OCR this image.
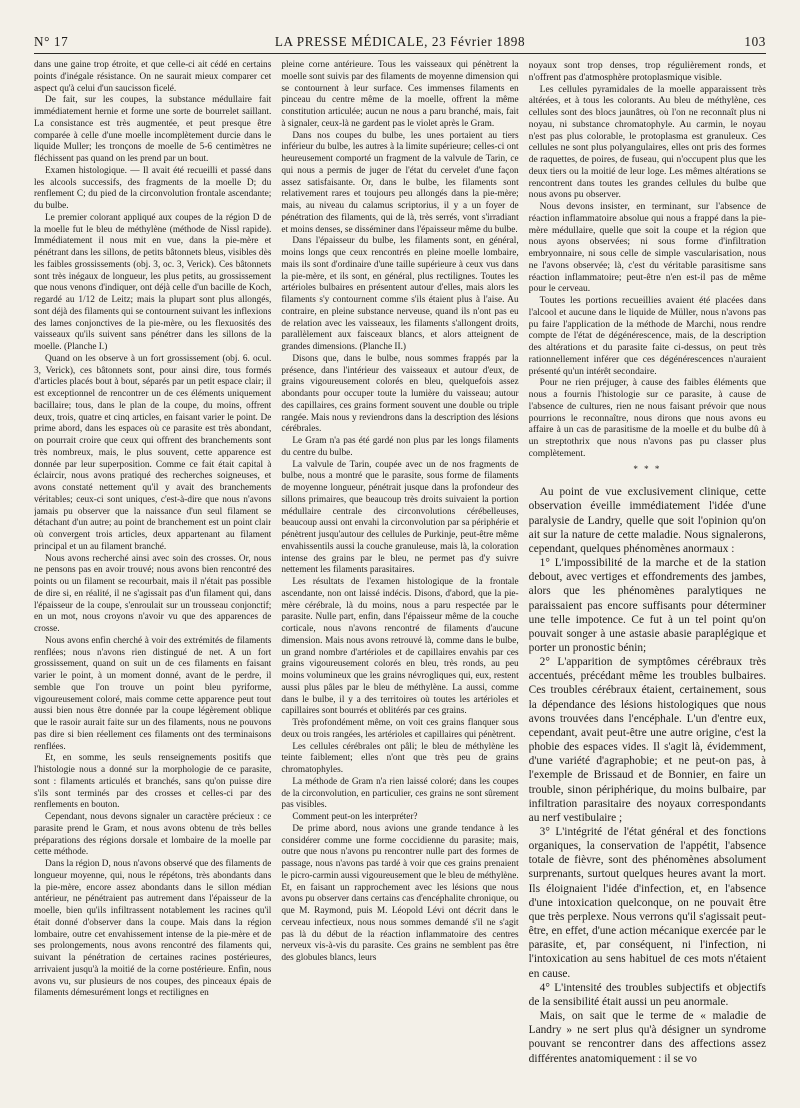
N° 17	LA PRESSE MÉDICALE, 23 Février 1898	103

dans une gaine trop étroite, et que celle-ci ait cédé en certains points d'inégale résistance. On ne saurait mieux comparer cet aspect qu'à celui d'un saucisson ficelé.

De fait, sur les coupes, la substance médullaire fait immédiatement hernie et forme une sorte de bourrelet saillant. La consistance est très augmentée, et peut presque être comparée à celle d'une moelle incomplètement durcie dans le liquide Muller; les tronçons de moelle de 5-6 centimètres ne fléchissent pas quand on les prend par un bout.

Examen histologique. — Il avait été recueilli et passé dans les alcools successifs, des fragments de la moelle D; du renflement C; du pied de la circonvolution frontale ascendante; du bulbe.

Le premier colorant appliqué aux coupes de la région D de la moelle fut le bleu de méthylène (méthode de Nissl rapide). Immédiatement il nous mit en vue, dans la pie-mère et pénétrant dans les sillons, de petits bâtonnets bleus, visibles dès les faibles grossissements (obj. 3, oc. 3, Verick). Ces bâtonnets sont très inégaux de longueur, les plus petits, au grossissement que nous venons d'indiquer, ont déjà celle d'un bacille de Koch, regardé au 1/12 de Leitz; mais la plupart sont plus allongés, sont déjà des filaments qui se contournent suivant les inflexions des lames conjonctives de la pie-mère, ou les flexuosités des vaisseaux qu'ils suivent sans pénétrer dans les sillons de la moelle. (Planche I.)

Quand on les observe à un fort grossissement (obj. 6. ocul. 3, Verick), ces bâtonnets sont, pour ainsi dire, tous formés d'articles placés bout à bout, séparés par un petit espace clair; il est exceptionnel de rencontrer un de ces éléments uniquement bacillaire; tous, dans le plan de la coupe, du moins, offrent deux, trois, quatre et cinq articles, en faisant varier le point. De prime abord, dans les espaces où ce parasite est très abondant, on pourrait croire que ceux qui offrent des branchements sont très nombreux, mais, le plus souvent, cette apparence est donnée par leur superposition. Comme ce fait était capital à éclaircir, nous avons pratiqué des recherches soigneuses, et avons constaté nettement qu'il y avait des branchements véritables; ceux-ci sont uniques, c'est-à-dire que nous n'avons jamais pu observer que la naissance d'un seul filament se détachant d'un autre; au point de branchement est un point clair où convergent trois articles, deux appartenant au filament principal et un au filament branché.

Nous avons recherché ainsi avec soin des crosses. Or, nous ne pensons pas en avoir trouvé; nous avons bien rencontré des points ou un filament se recourbait, mais il n'était pas possible de dire si, en réalité, il ne s'agissait pas d'un filament qui, dans l'épaisseur de la coupe, s'enroulait sur un trousseau conjonctif; en un mot, nous croyons n'avoir vu que des apparences de crosse.

Nous avons enfin cherché à voir des extrémités de filaments renflées; nous n'avons rien distingué de net. A un fort grossissement, quand on suit un de ces filaments en faisant varier le point, à un moment donné, avant de le perdre, il semble que l'on trouve un point bleu pyriforme, vigoureusement coloré, mais comme cette apparence peut tout aussi bien nous être donnée par la coupe légèrement oblique que le rasoir aurait faite sur un des filaments, nous ne pouvons pas dire si bien réellement ces filaments ont des terminaisons renflées.

Et, en somme, les seuls renseignements positifs que l'histologie nous a donné sur la morphologie de ce parasite, sont : filaments articulés et branchés, sans qu'on puisse dire s'ils sont terminés par des crosses et celles-ci par des renflements en bouton.

Cependant, nous devons signaler un caractère précieux : ce parasite prend le Gram, et nous avons obtenu de très belles préparations des régions dorsale et lombaire de la moelle par cette méthode.

Dans la région D, nous n'avons observé que des filaments de longueur moyenne, qui, nous le répétons, très abondants dans la pie-mère, encore assez abondants dans le sillon médian antérieur, ne pénétraient pas autrement dans l'épaisseur de la moelle, bien qu'ils infiltrassent notablement les racines qu'il était donné d'observer dans la coupe. Mais dans la région lombaire, outre cet envahissement intense de la pie-mère et de ses prolongements, nous avons rencontré des filaments qui, suivant la pénétration de certaines racines postérieures, arrivaient jusqu'à la moitié de la corne postérieure. Enfin, nous avons vu, sur plusieurs de nos coupes, des pinceaux épais de filaments démesurément longs et rectilignes en

pleine corne antérieure. Tous les vaisseaux qui pénètrent la moelle sont suivis par des filaments de moyenne dimension qui se contournent à leur surface. Ces immenses filaments en pinceau du centre même de la moelle, offrent la même constitution articulée; aucun ne nous a paru branché, mais, fait à signaler, ceux-là ne gardent pas le violet après le Gram.

Dans nos coupes du bulbe, les unes portaient au tiers inférieur du bulbe, les autres à la limite supérieure; celles-ci ont heureusement comporté un fragment de la valvule de Tarin, ce qui nous a permis de juger de l'état du cervelet d'une façon assez satisfaisante. Or, dans le bulbe, les filaments sont relativement rares et toujours peu allongés dans la pie-mère; mais, au niveau du calamus scriptorius, il y a un foyer de pénétration des filaments, qui de là, très serrés, vont s'irradiant et moins denses, se disséminer dans l'épaisseur même du bulbe.

Dans l'épaisseur du bulbe, les filaments sont, en général, moins longs que ceux rencontrés en pleine moelle lombaire, mais ils sont d'ordinaire d'une taille supérieure à ceux vus dans la pie-mère, et ils sont, en général, plus rectilignes. Toutes les artérioles bulbaires en présentent autour d'elles, mais alors les filaments s'y contournent comme s'ils étaient plus à l'aise. Au contraire, en pleine substance nerveuse, quand ils n'ont pas eu de relation avec les vaisseaux, les filaments s'allongent droits, parallèlement aux faisceaux blancs, et alors atteignent de grandes dimensions. (Planche II.)

Disons que, dans le bulbe, nous sommes frappés par la présence, dans l'intérieur des vaisseaux et autour d'eux, de grains vigoureusement colorés en bleu, quelquefois assez abondants pour occuper toute la lumière du vaisseau; autour des capillaires, ces grains forment souvent une double ou triple rangée. Mais nous y reviendrons dans la description des lésions cérébrales.

Le Gram n'a pas été gardé non plus par les longs filaments du centre du bulbe.

La valvule de Tarin, coupée avec un de nos fragments de bulbe, nous a montré que le parasite, sous forme de filaments de moyenne longueur, pénétrait jusque dans la profondeur des sillons primaires, que beaucoup très droits suivaient la portion médullaire centrale des circonvolutions cérébelleuses, beaucoup aussi ont envahi la circonvolution par sa périphérie et pénètrent jusqu'autour des cellules de Purkinje, peut-être même envahissentils aussi la couche granuleuse, mais là, la coloration intense des grains par le bleu, ne permet pas d'y suivre nettement les filaments parasitaires.

Les résultats de l'examen histologique de la frontale ascendante, non ont laissé indécis. Disons, d'abord, que la pie-mère cérébrale, là du moins, nous a paru respectée par le parasite. Nulle part, enfin, dans l'épaisseur même de la couche corticale, nous n'avons rencontré de filaments d'aucune dimension. Mais nous avons retrouvé là, comme dans le bulbe, un grand nombre d'artérioles et de capillaires envahis par ces grains vigoureusement colorés en bleu, très ronds, au peu moins volumineux que les grains névrogliques qui, eux, restent aussi plus pâles par le bleu de méthylène. La aussi, comme dans le bulbe, il y a des territoires où toutes les artérioles et capillaires sont bourrés et oblitérés par ces grains.

Très profondément même, on voit ces grains flanquer sous deux ou trois rangées, les artérioles et capillaires qui pénètrent.

Les cellules cérébrales ont pâli; le bleu de méthylène les teinte faiblement; elles n'ont que très peu de grains chromatophyles.

La méthode de Gram n'a rien laissé coloré; dans les coupes de la circonvolution, en particulier, ces grains ne sont sûrement pas visibles.

Comment peut-on les interpréter?

De prime abord, nous avions une grande tendance à les considérer comme une forme coccidienne du parasite; mais, outre que nous n'avons pu rencontrer nulle part des formes de passage, nous n'avons pas tardé à voir que ces grains prenaient le picro-carmin aussi vigoureusement que le bleu de méthylène. Et, en faisant un rapprochement avec les lésions que nous avons pu observer dans certains cas d'encéphalite chronique, ou que M. Raymond, puis M. Léopold Lévi ont décrit dans le cerveau infectieux, nous nous sommes demandé s'il ne s'agit pas là du début de la réaction inflammatoire des centres nerveux vis-à-vis du parasite. Ces grains ne semblent pas être des globules blancs, leurs

noyaux sont trop denses, trop régulièrement ronds, et n'offrent pas d'atmosphère protoplasmique visible.

Les cellules pyramidales de la moelle apparaissent très altérées, et à tous les colorants. Au bleu de méthylène, ces cellules sont des blocs jaunâtres, où l'on ne reconnaît plus ni noyau, ni substance chromatophyle. Au carmin, le noyau n'est pas plus colorable, le protoplasma est granuleux. Ces cellules ne sont plus polyangulaires, elles ont pris des formes de raquettes, de poires, de fuseau, qui n'occupent plus que les deux tiers ou la moitié de leur loge. Les mêmes altérations se rencontrent dans toutes les grandes cellules du bulbe que nous avons pu observer.

Nous devons insister, en terminant, sur l'absence de réaction inflammatoire absolue qui nous a frappé dans la pie-mère médullaire, quelle que soit la coupe et la région que nous ayons observées; ni sous forme d'infiltration embryonnaire, ni sous celle de simple vascularisation, nous ne l'avons observée; là, c'est du véritable parasitisme sans réaction inflammatoire; peut-être n'en est-il pas de même pour le cerveau.

Toutes les portions recueillies avaient été placées dans l'alcool et aucune dans le liquide de Müller, nous n'avons pas pu faire l'application de la méthode de Marchi, nous rendre compte de l'état de dégénérescence, mais, de la description des altérations et du parasite faite ci-dessus, on peut très rationnellement inférer que ces dégénérescences n'auraient présenté qu'un intérêt secondaire.

Pour ne rien préjuger, à cause des faibles éléments que nous a fournis l'histologie sur ce parasite, à cause de l'absence de cultures, rien ne nous faisant prévoir que nous pourrions le reconnaître, nous dirons que nous avons eu affaire à un cas de parasitisme de la moelle et du bulbe dû à un streptothrix que nous n'avons pas pu classer plus complètement.

* * *

Au point de vue exclusivement clinique, cette observation éveille immédiatement l'idée d'une paralysie de Landry, quelle que soit l'opinion qu'on ait sur la nature de cette maladie. Nous signalerons, cependant, quelques phénomènes anormaux :

1° L'impossibilité de la marche et de la station debout, avec vertiges et effondrements des jambes, alors que les phénomènes paralytiques ne paraissaient pas encore suffisants pour déterminer une telle impotence. Ce fut à un tel point qu'on pouvait songer à une astasie abasie paraplégique et porter un pronostic bénin;

2° L'apparition de symptômes cérébraux très accentués, précédant même les troubles bulbaires. Ces troubles cérébraux étaient, certainement, sous la dépendance des lésions histologiques que nous avons trouvées dans l'encéphale. L'un d'entre eux, cependant, avait peut-être une autre origine, c'est la phobie des espaces vides. Il s'agit là, évidemment, d'une variété d'agraphobie; et ne peut-on pas, à l'exemple de Brissaud et de Bonnier, en faire un trouble, sinon périphérique, du moins bulbaire, par infiltration parasitaire des noyaux correspondants au nerf vestibulaire ;

3° L'intégrité de l'état général et des fonctions organiques, la conservation de l'appétit, l'absence totale de fièvre, sont des phénomènes absolument surprenants, surtout quelques heures avant la mort. Ils éloignaient l'idée d'infection, et, en l'absence d'une intoxication quelconque, on ne pouvait être que très perplexe. Nous verrons qu'il s'agissait peut-être, en effet, d'une action mécanique exercée par le parasite, et, par conséquent, ni l'infection, ni l'intoxication au sens habituel de ces mots n'étaient en cause.

4° L'intensité des troubles subjectifs et objectifs de la sensibilité était aussi un peu anormale.

Mais, on sait que le terme de « maladie de Landry » ne sert plus qu'à désigner un syndrome pouvant se rencontrer dans des affections assez différentes anatomiquement : il se vo
